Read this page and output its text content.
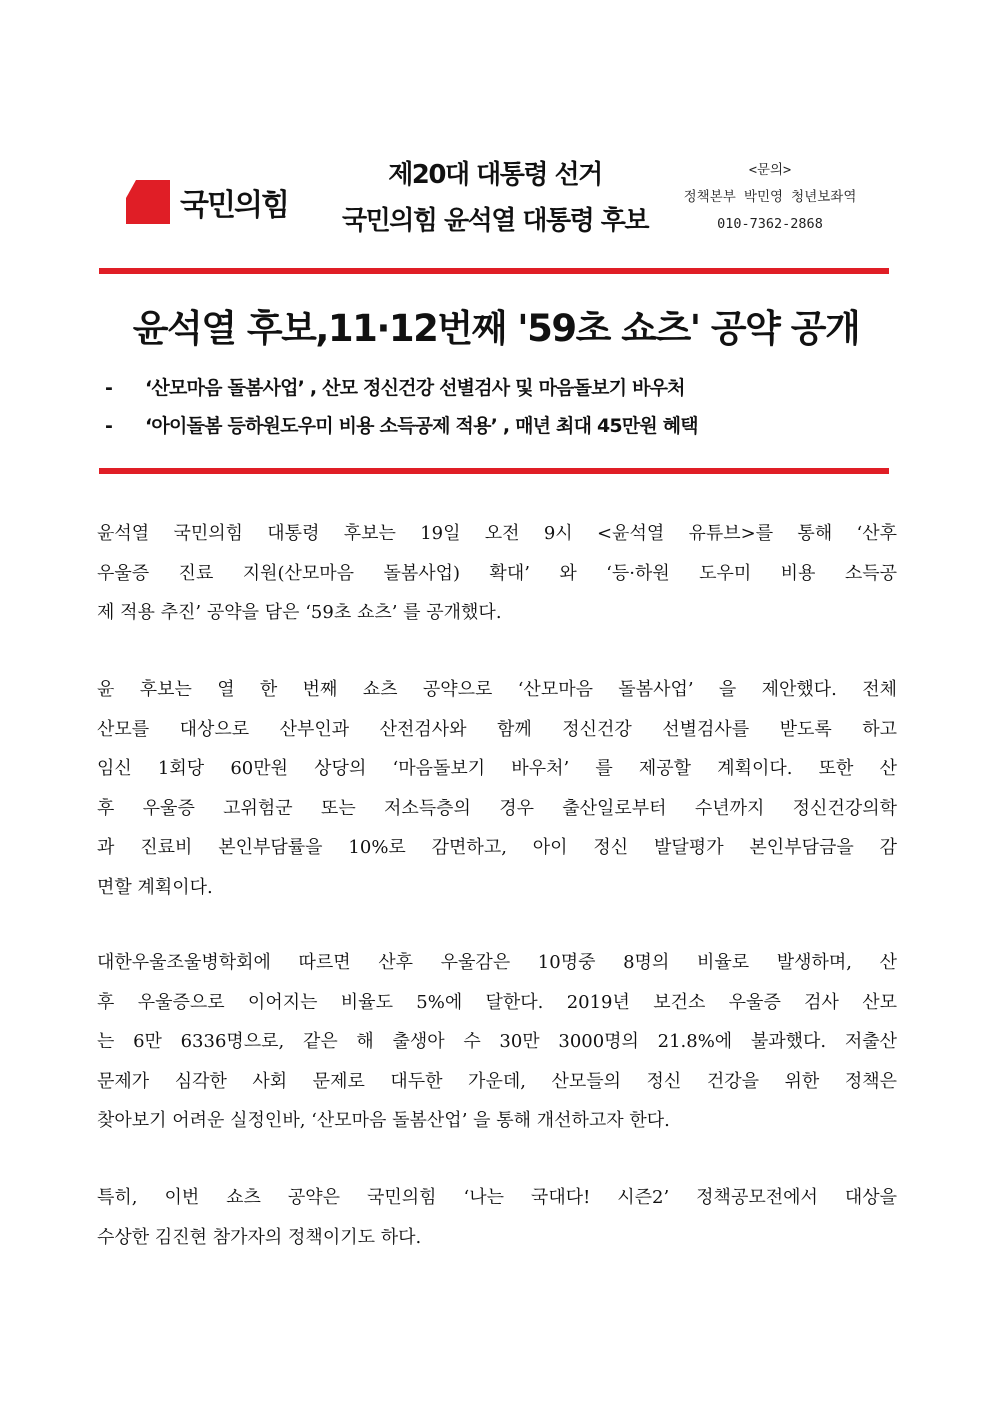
국민의힘
제20대 대통령 선거
국민의힘 윤석열 대통령 후보
<문의>
정책본부 박민영 청년보좌역
010-7362-2868
윤석열 후보,11·12번째 '59초 쇼츠' 공약 공개
- ‘산모마음 돌봄사업’ , 산모 정신건강 선별검사 및 마음돌보기 바우처
- ‘아이돌봄 등하원도우미 비용 소득공제 적용’ , 매년 최대 45만원 혜택
윤석열 국민의힘 대통령 후보는 19일 오전 9시 <윤석열 유튜브>를 통해 ‘산후
우울증 진료 지원(산모마음 돌봄사업) 확대’ 와 ‘등·하원 도우미 비용 소득공
제 적용 추진’ 공약을 담은 ‘59초 쇼츠’ 를 공개했다.
윤 후보는 열 한 번째 쇼츠 공약으로 ‘산모마음 돌봄사업’ 을 제안했다. 전체
산모를 대상으로 산부인과 산전검사와 함께 정신건강 선별검사를 받도록 하고
임신 1회당 60만원 상당의 ‘마음돌보기 바우처’ 를 제공할 계획이다. 또한 산
후 우울증 고위험군 또는 저소득층의 경우 출산일로부터 수년까지 정신건강의학
과 진료비 본인부담률을 10%로 감면하고, 아이 정신 발달평가 본인부담금을 감
면할 계획이다.
대한우울조울병학회에 따르면 산후 우울감은 10명중 8명의 비율로 발생하며, 산
후 우울증으로 이어지는 비율도 5%에 달한다. 2019년 보건소 우울증 검사 산모
는 6만 6336명으로, 같은 해 출생아 수 30만 3000명의 21.8%에 불과했다. 저출산
문제가 심각한 사회 문제로 대두한 가운데, 산모들의 정신 건강을 위한 정책은
찾아보기 어려운 실정인바, ‘산모마음 돌봄산업’ 을 통해 개선하고자 한다.
특히, 이번 쇼츠 공약은 국민의힘 ‘나는 국대다! 시즌2’ 정책공모전에서 대상을
수상한 김진현 참가자의 정책이기도 하다.
